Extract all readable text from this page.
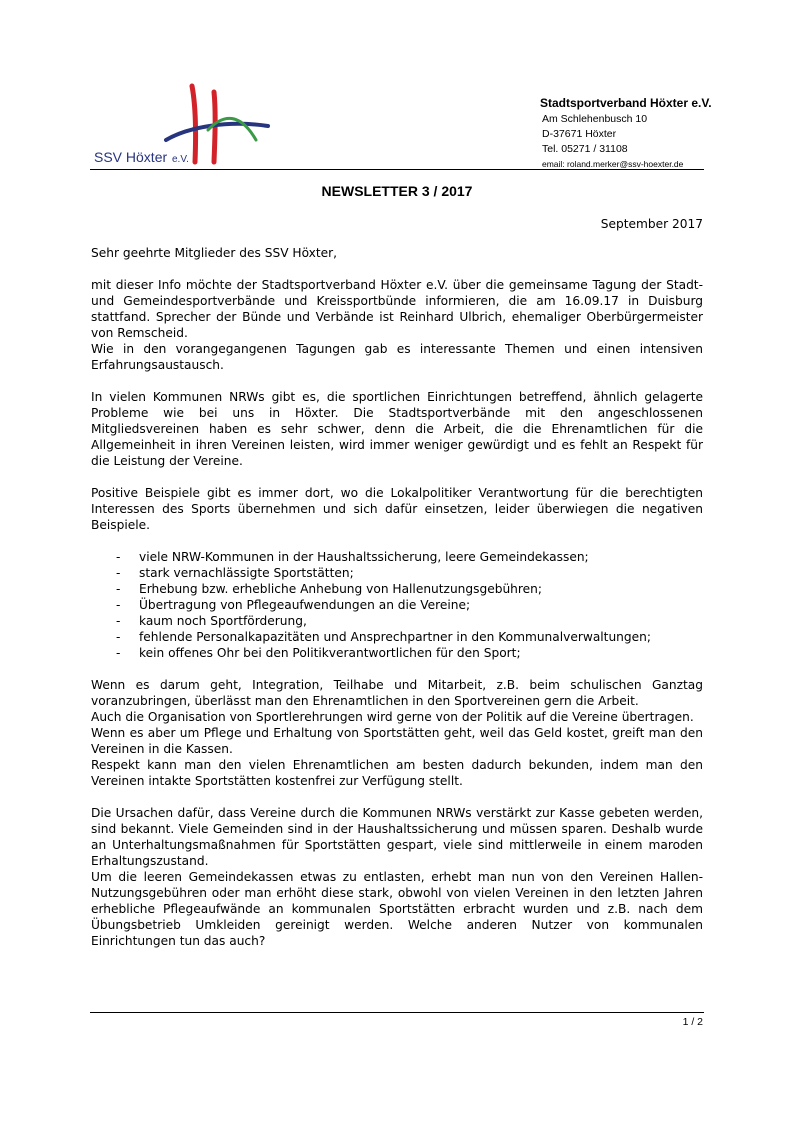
SSV Höxter e.V.
Stadtsportverband Höxter e.V.
Am Schlehenbusch 10
D-37671 Höxter
Tel. 05271 / 31108
email: roland.merker@ssv-hoexter.de
NEWSLETTER 3 / 2017
September 2017

Sehr geehrte Mitglieder des SSV Höxter,

mit dieser Info möchte der Stadtsportverband Höxter e.V. über die gemeinsame Tagung der Stadt- und Gemeindesportverbände und Kreissportbünde informieren, die am 16.09.17 in Duisburg stattfand. Sprecher der Bünde und Verbände ist Reinhard Ulbrich, ehemaliger Oberbürgermeister von Remscheid.

Wie in den vorangegangenen Tagungen gab es interessante Themen und einen intensiven Erfahrungsaustausch.

In vielen Kommunen NRWs gibt es, die sportlichen Einrichtungen betreffend, ähnlich gelagerte Probleme wie bei uns in Höxter. Die Stadtsportverbände mit den angeschlossenen Mitgliedsvereinen haben es sehr schwer, denn die Arbeit, die die Ehrenamtlichen für die Allgemeinheit in ihren Vereinen leisten, wird immer weniger gewürdigt und es fehlt an Respekt für die Leistung der Vereine.

Positive Beispiele gibt es immer dort, wo die Lokalpolitiker Verantwortung für die berechtigten Interessen des Sports übernehmen und sich dafür einsetzen, leider überwiegen die negativen Beispiele.

-	viele NRW-Kommunen in der Haushaltssicherung, leere Gemeindekassen;
-	stark vernachlässigte Sportstätten;
-	Erhebung bzw. erhebliche Anhebung von Hallenutzungsgebühren;
-	Übertragung von Pflegeaufwendungen an die Vereine;
-	kaum noch Sportförderung,
-	fehlende Personalkapazitäten und Ansprechpartner in den Kommunalverwaltungen;
-	kein offenes Ohr bei den Politikverantwortlichen für den Sport;

Wenn es darum geht, Integration, Teilhabe und Mitarbeit, z.B. beim schulischen Ganztag voranzubringen, überlässt man den Ehrenamtlichen in den Sportvereinen gern die Arbeit.

Auch die Organisation von Sportlerehrungen wird gerne von der Politik auf die Vereine übertragen.

Wenn es aber um Pflege und Erhaltung von Sportstätten geht, weil das Geld kostet, greift man den Vereinen in die Kassen.

Respekt kann man den vielen Ehrenamtlichen am besten dadurch bekunden, indem man den Vereinen intakte Sportstätten kostenfrei zur Verfügung stellt.

Die Ursachen dafür, dass Vereine durch die Kommunen NRWs verstärkt zur Kasse gebeten werden, sind bekannt. Viele Gemeinden sind in der Haushaltssicherung und müssen sparen. Deshalb wurde an Unterhaltungsmaßnahmen für Sportstätten gespart, viele sind mittlerweile in einem maroden Erhaltungszustand.

Um die leeren Gemeindekassen etwas zu entlasten, erhebt man nun von den Vereinen Hallen-Nutzungsgebühren oder man erhöht diese stark, obwohl von vielen Vereinen in den letzten Jahren erhebliche Pflegeaufwände an kommunalen Sportstätten erbracht wurden und z.B. nach dem Übungsbetrieb Umkleiden gereinigt werden. Welche anderen Nutzer von kommunalen Einrichtungen tun das auch?

1 / 2
